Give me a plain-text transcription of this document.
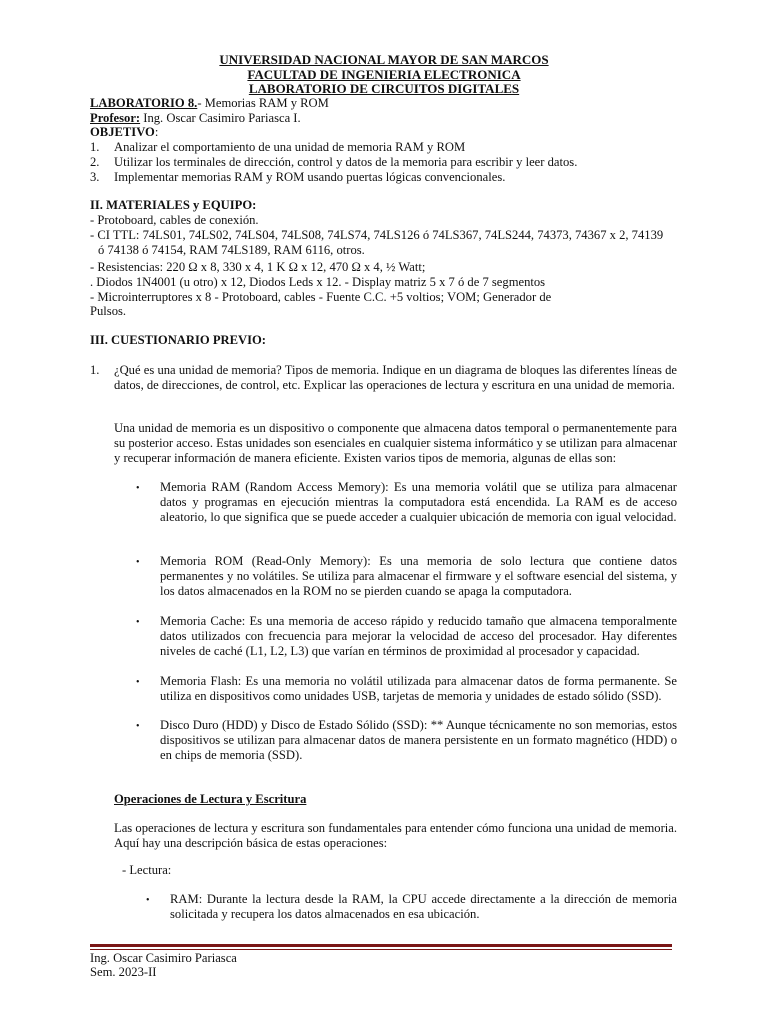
UNIVERSIDAD NACIONAL MAYOR DE SAN MARCOS
FACULTAD DE INGENIERIA ELECTRONICA
LABORATORIO DE CIRCUITOS DIGITALES
LABORATORIO 8.- Memorias RAM y ROM
Profesor: Ing. Oscar Casimiro Pariasca I.
OBJETIVO:
1. Analizar el comportamiento de una unidad de memoria RAM y ROM
2. Utilizar los terminales de dirección, control y datos de la memoria para escribir y leer datos.
3. Implementar memorias RAM y ROM usando puertas lógicas convencionales.
II. MATERIALES y EQUIPO:
- Protoboard, cables de conexión.
- CI TTL: 74LS01, 74LS02, 74LS04, 74LS08, 74LS74, 74LS126 ó 74LS367, 74LS244, 74373, 74367 x 2, 74139
ó 74138 ó 74154, RAM 74LS189, RAM 6116, otros.
- Resistencias: 220 Ω x 8, 330 x 4, 1 K Ω x 12, 470 Ω x 4, ½ Watt;
. Diodos 1N4001 (u otro) x 12, Diodos Leds x 12. - Display matriz 5 x 7 ó de 7 segmentos
- Microinterruptores x 8 - Protoboard, cables - Fuente C.C. +5 voltios; VOM; Generador de
Pulsos.
III. CUESTIONARIO PREVIO:
1. ¿Qué es una unidad de memoria? Tipos de memoria. Indique en un diagrama de bloques las diferentes líneas de datos, de direcciones, de control, etc. Explicar las operaciones de lectura y escritura en una unidad de memoria.
Una unidad de memoria es un dispositivo o componente que almacena datos temporal o permanentemente para su posterior acceso. Estas unidades son esenciales en cualquier sistema informático y se utilizan para almacenar y recuperar información de manera eficiente. Existen varios tipos de memoria, algunas de ellas son:
• Memoria RAM (Random Access Memory): Es una memoria volátil que se utiliza para almacenar datos y programas en ejecución mientras la computadora está encendida. La RAM es de acceso aleatorio, lo que significa que se puede acceder a cualquier ubicación de memoria con igual velocidad.
• Memoria ROM (Read-Only Memory): Es una memoria de solo lectura que contiene datos permanentes y no volátiles. Se utiliza para almacenar el firmware y el software esencial del sistema, y los datos almacenados en la ROM no se pierden cuando se apaga la computadora.
• Memoria Cache: Es una memoria de acceso rápido y reducido tamaño que almacena temporalmente datos utilizados con frecuencia para mejorar la velocidad de acceso del procesador. Hay diferentes niveles de caché (L1, L2, L3) que varían en términos de proximidad al procesador y capacidad.
• Memoria Flash: Es una memoria no volátil utilizada para almacenar datos de forma permanente. Se utiliza en dispositivos como unidades USB, tarjetas de memoria y unidades de estado sólido (SSD).
• Disco Duro (HDD) y Disco de Estado Sólido (SSD): ** Aunque técnicamente no son memorias, estos dispositivos se utilizan para almacenar datos de manera persistente en un formato magnético (HDD) o en chips de memoria (SSD).
Operaciones de Lectura y Escritura
Las operaciones de lectura y escritura son fundamentales para entender cómo funciona una unidad de memoria. Aquí hay una descripción básica de estas operaciones:
- Lectura:
• RAM: Durante la lectura desde la RAM, la CPU accede directamente a la dirección de memoria solicitada y recupera los datos almacenados en esa ubicación.
Ing. Oscar Casimiro Pariasca
Sem. 2023-II
